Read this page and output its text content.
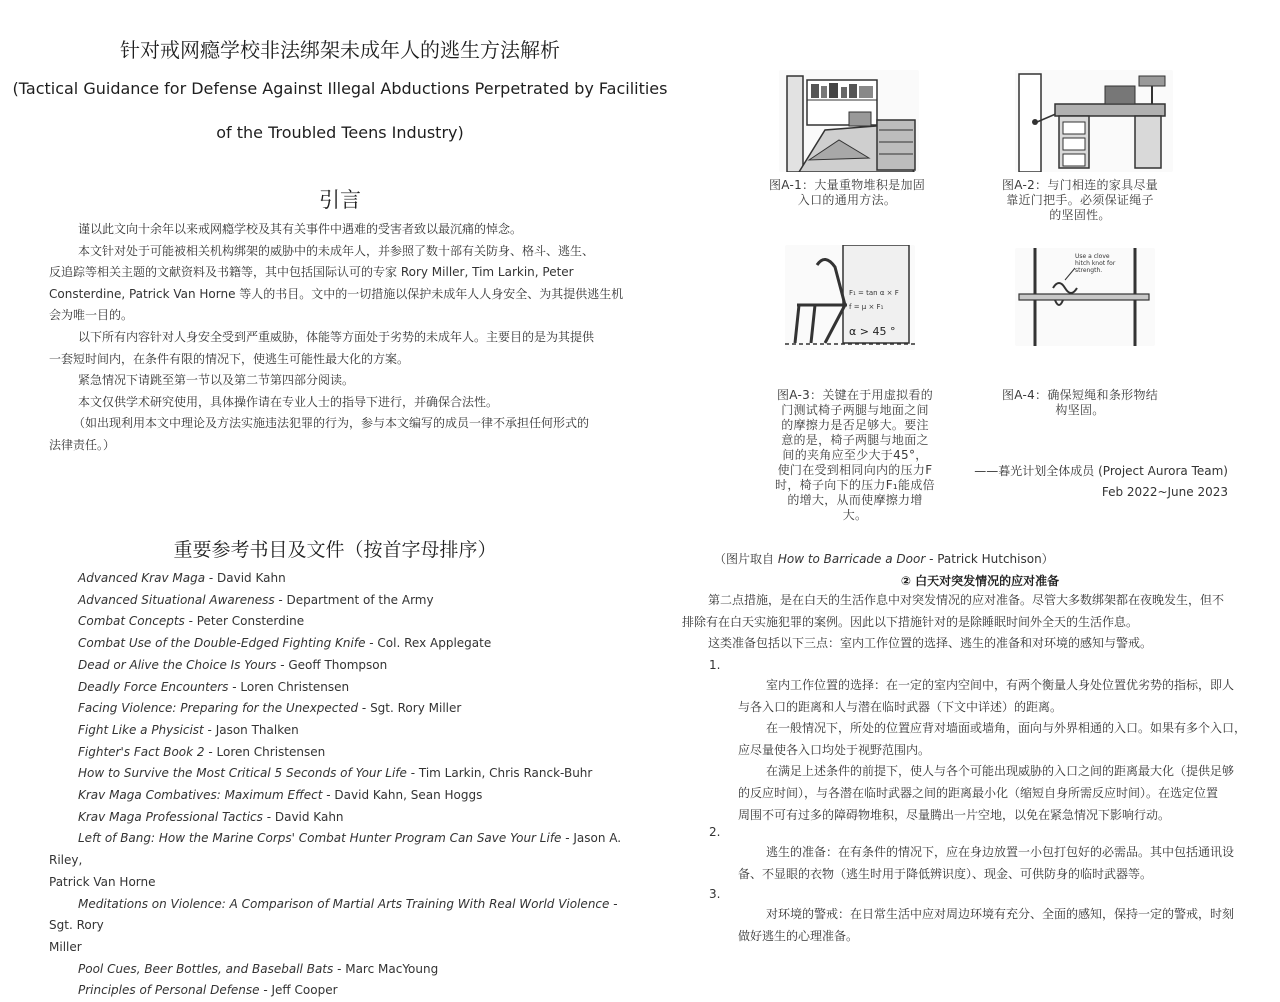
针对戒网瘾学校非法绑架未成年人的逃生方法解析
(Tactical Guidance for Defense Against Illegal Abductions Perpetrated by Facilities
of the Troubled Teens Industry)
引言
谨以此文向十余年以来戒网瘾学校及其有关事件中遇难的受害者致以最沉痛的悼念。
本文针对处于可能被相关机构绑架的威胁中的未成年人，并参照了数十部有关防身、格斗、逃生、
反追踪等相关主题的文献资料及书籍等，其中包括国际认可的专家 Rory Miller, Tim Larkin, Peter
Consterdine, Patrick Van Horne 等人的书目。文中的一切措施以保护未成年人人身安全、为其提供逃生机
会为唯一目的。
以下所有内容针对人身安全受到严重威胁，体能等方面处于劣势的未成年人。主要目的是为其提供
一套短时间内，在条件有限的情况下，使逃生可能性最大化的方案。
紧急情况下请跳至第一节以及第二节第四部分阅读。
本文仅供学术研究使用，具体操作请在专业人士的指导下进行，并确保合法性。
（如出现利用本文中理论及方法实施违法犯罪的行为，参与本文编写的成员一律不承担任何形式的
法律责任。）
——暮光计划全体成员 (Project Aurora Team)
Feb 2022~June 2023
重要参考书目及文件（按首字母排序）
Advanced Krav Maga - David Kahn
Advanced Situational Awareness - Department of the Army
Combat Concepts - Peter Consterdine
Combat Use of the Double-Edged Fighting Knife - Col. Rex Applegate
Dead or Alive the Choice Is Yours - Geoff Thompson
Deadly Force Encounters - Loren Christensen
Facing Violence: Preparing for the Unexpected - Sgt. Rory Miller
Fight Like a Physicist - Jason Thalken
Fighter's Fact Book 2 - Loren Christensen
How to Survive the Most Critical 5 Seconds of Your Life - Tim Larkin, Chris Ranck-Buhr
Krav Maga Combatives: Maximum Effect - David Kahn, Sean Hoggs
Krav Maga Professional Tactics - David Kahn
Left of Bang: How the Marine Corps' Combat Hunter Program Can Save Your Life - Jason A. Riley,
Patrick Van Horne
Meditations on Violence: A Comparison of Martial Arts Training With Real World Violence - Sgt. Rory
Miller
Pool Cues, Beer Bottles, and Baseball Bats - Marc MacYoung
Principles of Personal Defense - Jeff Cooper
图A-1：大量重物堆积是加固
入口的通用方法。
图A-2：与门相连的家具尽量
靠近门把手。必须保证绳子
的坚固性。
F₁ = tan α × F
f = μ × F₁
α > 45 °
图A-3：关键在于用虚拟看的
门测试椅子两腿与地面之间
的摩擦力是否足够大。要注
意的是，椅子两腿与地面之
间的夹角应至少大于45°，
使门在受到相同向内的压力F
时，椅子向下的压力F₁能成倍
的增大，从而使摩擦力增
大。
Use a clove
hitch knot for
strength.
图A-4：确保短绳和条形物结
构坚固。
（图片取自 How to Barricade a Door - Patrick Hutchison）
② 白天对突发情况的应对准备
第二点措施，是在白天的生活作息中对突发情况的应对准备。尽管大多数绑架都在夜晚发生，但不
排除有在白天实施犯罪的案例。因此以下措施针对的是除睡眠时间外全天的生活作息。
这类准备包括以下三点：室内工作位置的选择、逃生的准备和对环境的感知与警戒。
1.
室内工作位置的选择：在一定的室内空间中，有两个衡量人身处位置优劣势的指标，即人
与各入口的距离和人与潜在临时武器（下文中详述）的距离。
在一般情况下，所处的位置应背对墙面或墙角，面向与外界相通的入口。如果有多个入口，
应尽量使各入口均处于视野范围内。
在满足上述条件的前提下，使人与各个可能出现威胁的入口之间的距离最大化（提供足够
的反应时间），与各潜在临时武器之间的距离最小化（缩短自身所需反应时间）。在选定位置
周围不可有过多的障碍物堆积，尽量腾出一片空地，以免在紧急情况下影响行动。
2.
逃生的准备：在有条件的情况下，应在身边放置一小包打包好的必需品。其中包括通讯设
备、不显眼的衣物（逃生时用于降低辨识度）、现金、可供防身的临时武器等。
3.
对环境的警戒：在日常生活中应对周边环境有充分、全面的感知，保持一定的警戒，时刻
做好逃生的心理准备。
